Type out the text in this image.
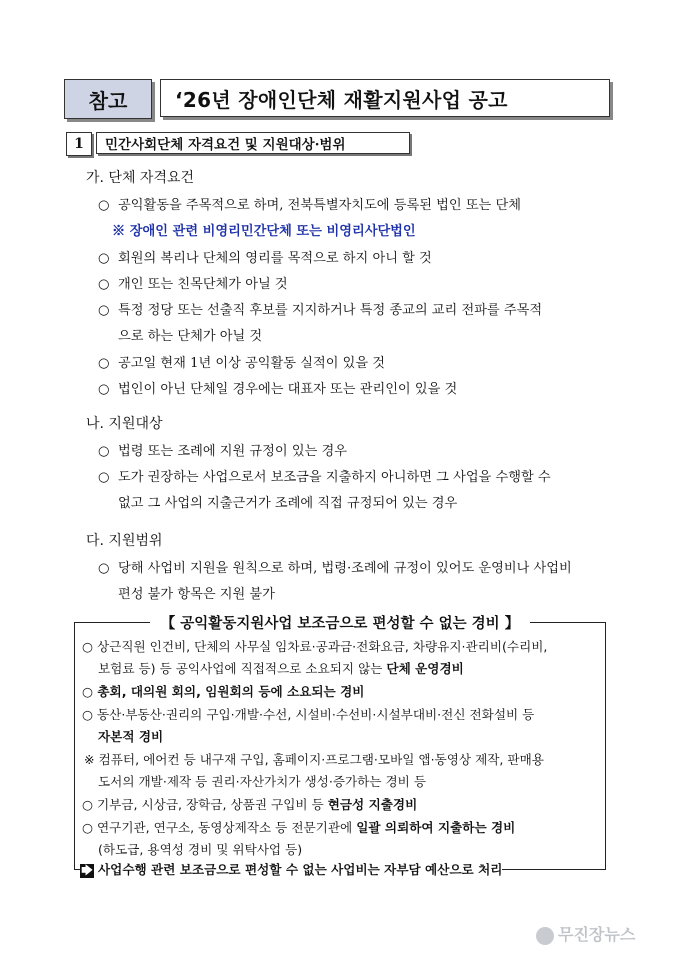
참고	‘26년 장애인단체 재활지원사업 공고
1	민간사회단체 자격요건 및 지원대상·범위
가. 단체 자격요건
○ 공익활동을 주목적으로 하며, 전북특별자치도에 등록된 법인 또는 단체
※ 장애인 관련 비영리민간단체 또는 비영리사단법인
○ 회원의 복리나 단체의 영리를 목적으로 하지 아니 할 것
○ 개인 또는 친목단체가 아닐 것
○ 특정 정당 또는 선출직 후보를 지지하거나 특정 종교의 교리 전파를 주목적
으로 하는 단체가 아닐 것
○ 공고일 현재 1년 이상 공익활동 실적이 있을 것
○ 법인이 아닌 단체일 경우에는 대표자 또는 관리인이 있을 것
나. 지원대상
○ 법령 또는 조례에 지원 규정이 있는 경우
○ 도가 권장하는 사업으로서 보조금을 지출하지 아니하면 그 사업을 수행할 수
없고 그 사업의 지출근거가 조례에 직접 규정되어 있는 경우
다. 지원범위
○ 당해 사업비 지원을 원칙으로 하며, 법령·조례에 규정이 있어도 운영비나 사업비
편성 불가 항목은 지원 불가
【 공익활동지원사업 보조금으로 편성할 수 없는 경비 】
○ 상근직원 인건비, 단체의 사무실 임차료·공과금·전화요금, 차량유지·관리비(수리비,
보험료 등) 등 공익사업에 직접적으로 소요되지 않는 단체 운영경비
○ 총회, 대의원 회의, 임원회의 등에 소요되는 경비
○ 동산·부동산·권리의 구입·개발·수선, 시설비·수선비·시설부대비·전신 전화설비 등
자본적 경비
※ 컴퓨터, 에어컨 등 내구재 구입, 홈페이지·프로그램·모바일 앱·동영상 제작, 판매용
도서의 개발·제작 등 권리·자산가치가 생성·증가하는 경비 등
○ 기부금, 시상금, 장학금, 상품권 구입비 등 현금성 지출경비
○ 연구기관, 연구소, 동영상제작소 등 전문기관에 일괄 의뢰하여 지출하는 경비
(하도급, 용역성 경비 및 위탁사업 등)
🡆 사업수행 관련 보조금으로 편성할 수 없는 사업비는 자부담 예산으로 처리
무진장뉴스
